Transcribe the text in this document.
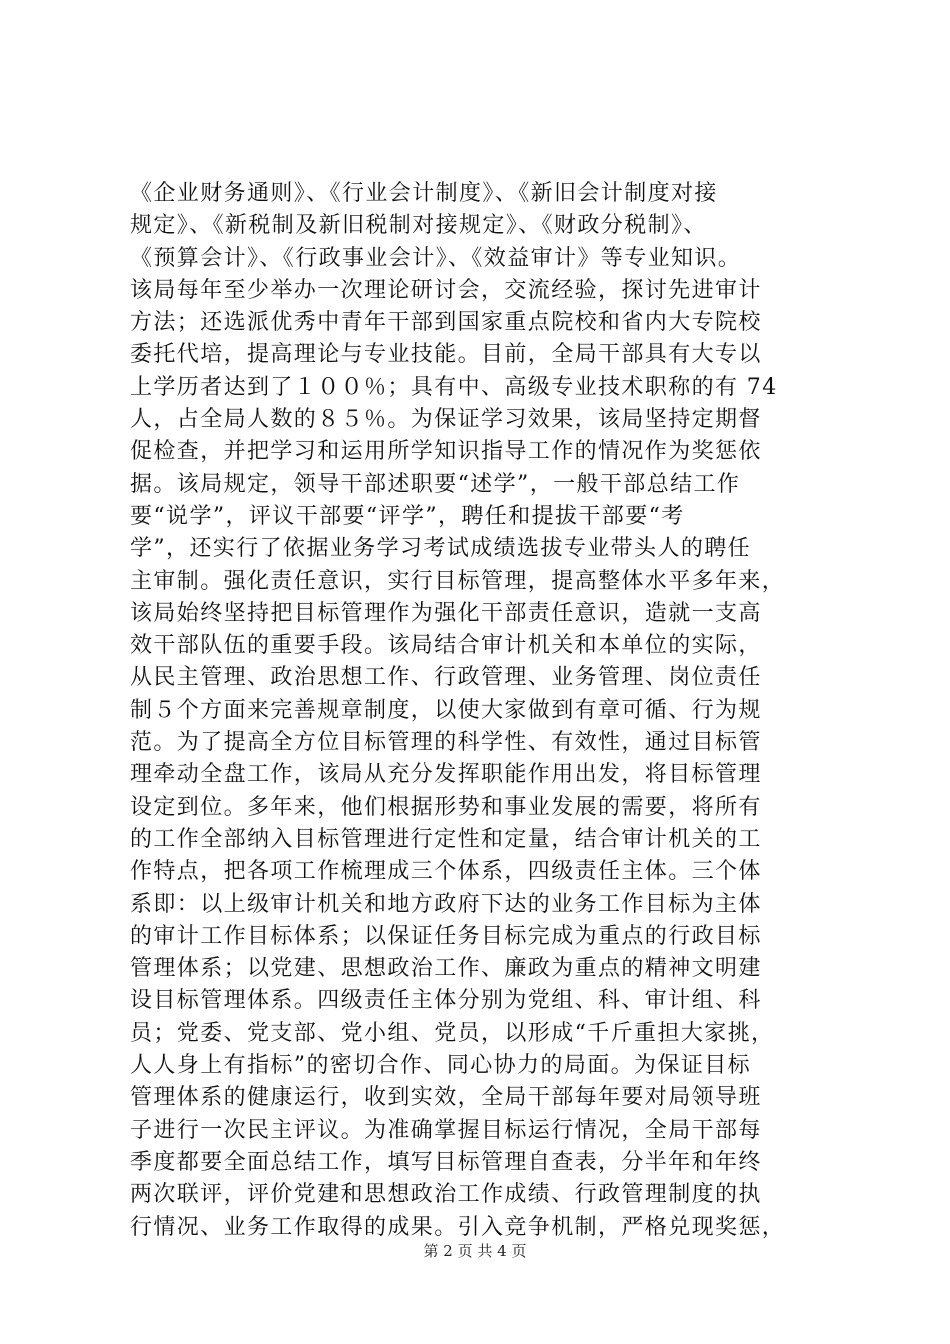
《企业财务通则》、《行业会计制度》、《新旧会计制度对接
规定》、《新税制及新旧税制对接规定》、《财政分税制》、
《预算会计》、《行政事业会计》、《效益审计》等专业知识。
该局每年至少举办一次理论研讨会，交流经验，探讨先进审计
方法；还选派优秀中青年干部到国家重点院校和省内大专院校
委托代培，提高理论与专业技能。目前，全局干部具有大专以
上学历者达到了１００％；具有中、高级专业技术职称的有 74
人，占全局人数的８５％。为保证学习效果，该局坚持定期督
促检查，并把学习和运用所学知识指导工作的情况作为奖惩依
据。该局规定，领导干部述职要“述学”，一般干部总结工作
要“说学”，评议干部要“评学”，聘任和提拔干部要“考
学”，还实行了依据业务学习考试成绩选拔专业带头人的聘任
主审制。强化责任意识，实行目标管理，提高整体水平多年来，
该局始终坚持把目标管理作为强化干部责任意识，造就一支高
效干部队伍的重要手段。该局结合审计机关和本单位的实际，
从民主管理、政治思想工作、行政管理、业务管理、岗位责任
制５个方面来完善规章制度，以使大家做到有章可循、行为规
范。为了提高全方位目标管理的科学性、有效性，通过目标管
理牵动全盘工作，该局从充分发挥职能作用出发，将目标管理
设定到位。多年来，他们根据形势和事业发展的需要，将所有
的工作全部纳入目标管理进行定性和定量，结合审计机关的工
作特点，把各项工作梳理成三个体系，四级责任主体。三个体
系即：以上级审计机关和地方政府下达的业务工作目标为主体
的审计工作目标体系；以保证任务目标完成为重点的行政目标
管理体系；以党建、思想政治工作、廉政为重点的精神文明建
设目标管理体系。四级责任主体分别为党组、科、审计组、科
员；党委、党支部、党小组、党员，以形成“千斤重担大家挑，
人人身上有指标”的密切合作、同心协力的局面。为保证目标
管理体系的健康运行，收到实效，全局干部每年要对局领导班
子进行一次民主评议。为准确掌握目标运行情况，全局干部每
季度都要全面总结工作，填写目标管理自查表，分半年和年终
两次联评，评价党建和思想政治工作成绩、行政管理制度的执
行情况、业务工作取得的成果。引入竞争机制，严格兑现奖惩，
第 2 页 共 4 页
